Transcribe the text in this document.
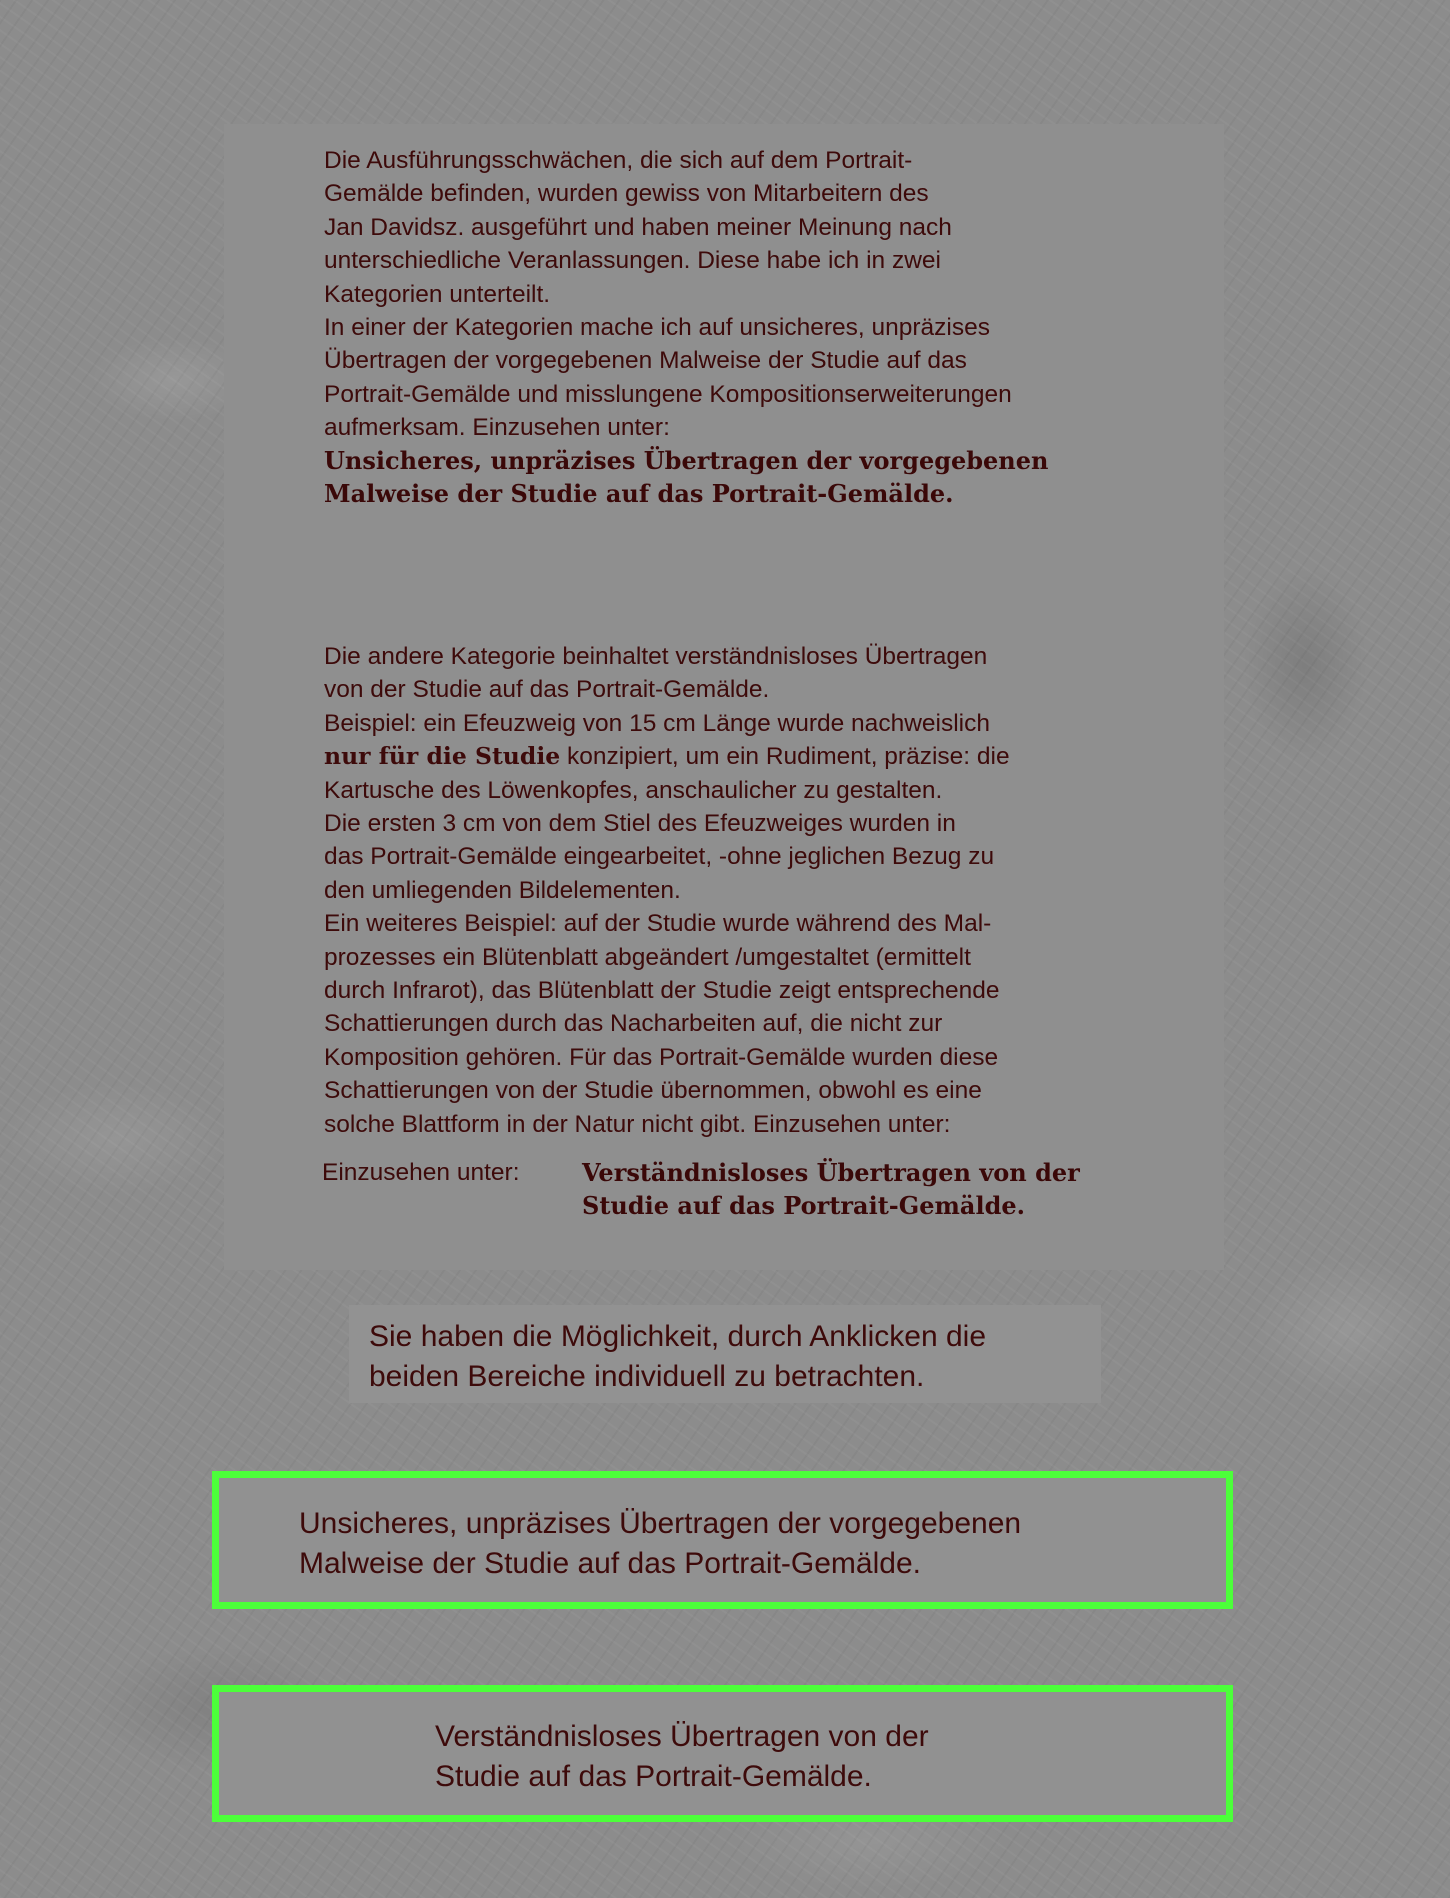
Die Ausführungsschwächen, die sich auf dem Portrait-
Gemälde befinden, wurden gewiss von Mitarbeitern des
Jan Davidsz. ausgeführt und haben meiner Meinung nach
unterschiedliche Veranlassungen. Diese habe ich in zwei
Kategorien unterteilt.
In einer der Kategorien mache ich auf unsicheres, unpräzises
Übertragen der vorgegebenen Malweise der Studie auf das
Portrait-Gemälde und misslungene Kompositionserweiterungen
aufmerksam. Einzusehen unter:

Unsicheres, unpräzises Übertragen der vorgegebenen
Malweise der Studie auf das Portrait-Gemälde.

Die andere Kategorie beinhaltet verständnisloses Übertragen
von der Studie auf das Portrait-Gemälde.
Beispiel: ein Efeuzweig von 15 cm Länge wurde nachweislich
nur für die Studie konzipiert, um ein Rudiment, präzise: die
Kartusche des Löwenkopfes, anschaulicher zu gestalten.
Die ersten 3 cm von dem Stiel des Efeuzweiges wurden in
das Portrait-Gemälde eingearbeitet, -ohne jeglichen Bezug zu
den umliegenden Bildelementen.
Ein weiteres Beispiel: auf der Studie wurde während des Mal-
prozesses ein Blütenblatt abgeändert /umgestaltet (ermittelt
durch Infrarot), das Blütenblatt der Studie zeigt entsprechende
Schattierungen durch das Nacharbeiten auf, die nicht zur
Komposition gehören. Für das Portrait-Gemälde wurden diese
Schattierungen von der Studie übernommen, obwohl es eine
solche Blattform in der Natur nicht gibt. Einzusehen unter:

Einzusehen unter:	Verständnisloses Übertragen von der
Studie auf das Portrait-Gemälde.

Sie haben die Möglichkeit, durch Anklicken die
beiden Bereiche individuell zu betrachten.

Unsicheres, unpräzises Übertragen der vorgegebenen
Malweise der Studie auf das Portrait-Gemälde.

Verständnisloses Übertragen von der
Studie auf das Portrait-Gemälde.
